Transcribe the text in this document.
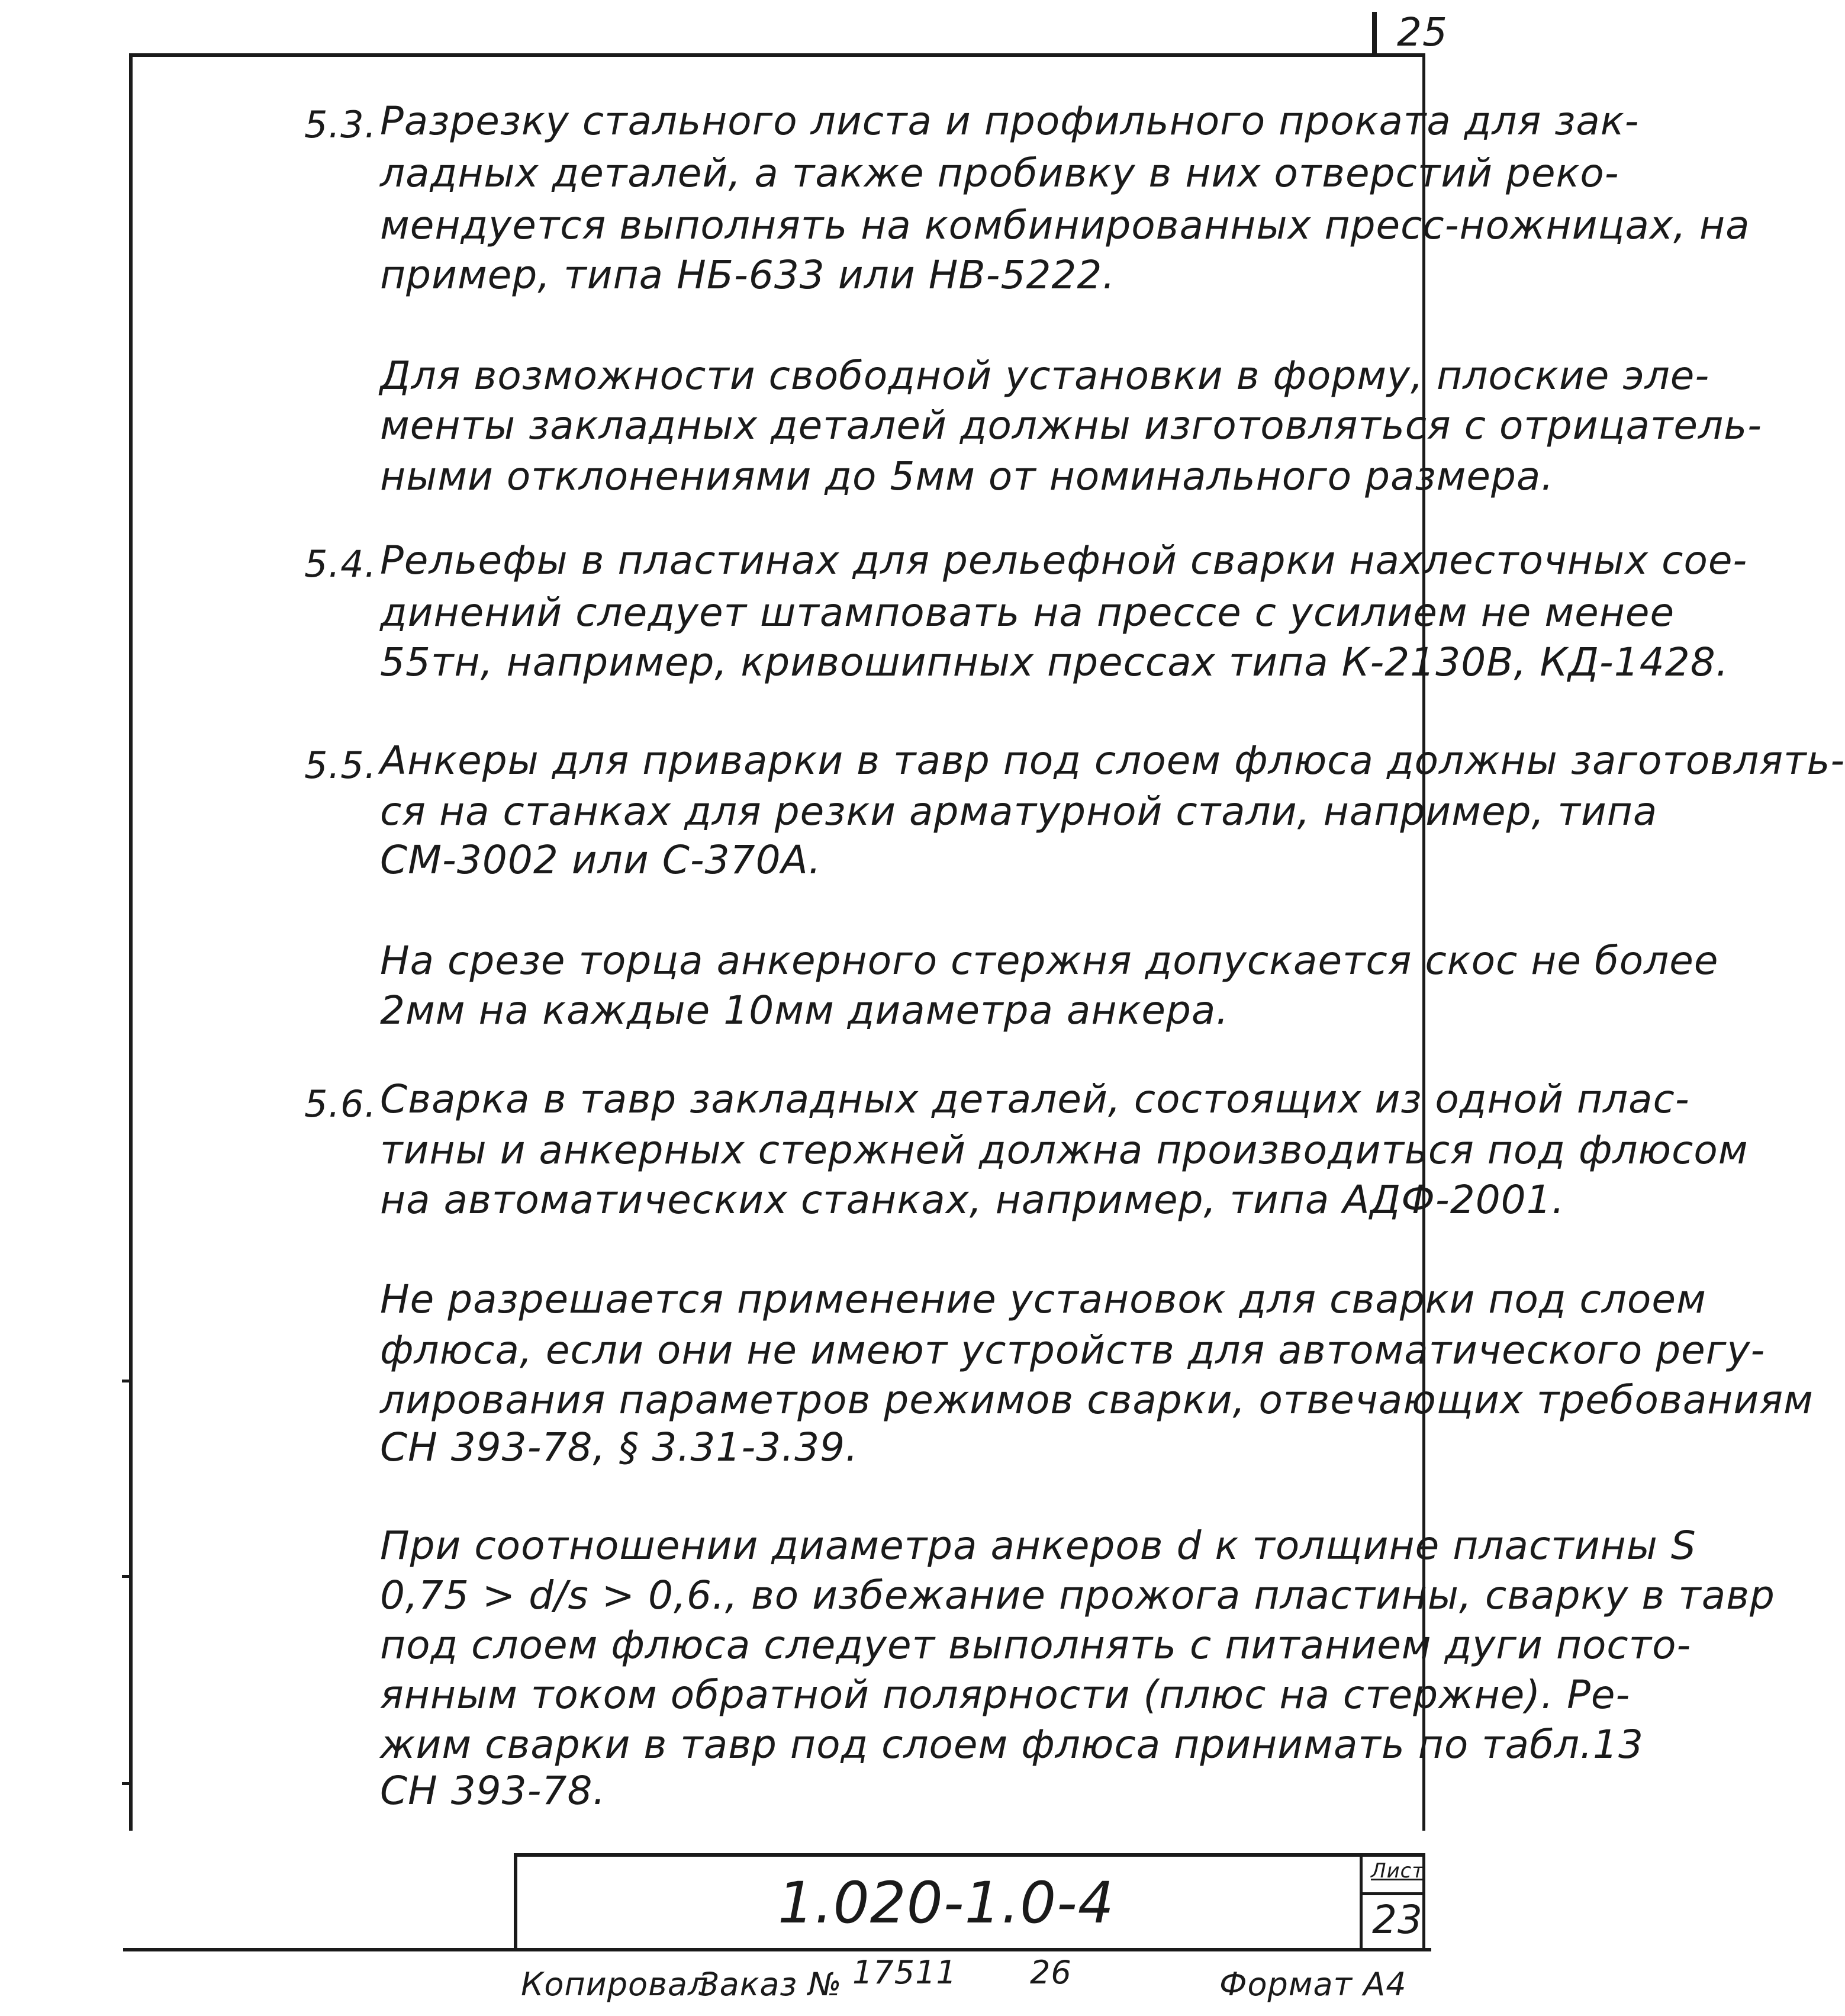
25
5.3. Разрезку стального листа и профильного проката для зак-
ладных деталей, а также пробивку в них отверстий реко-
мендуется выполнять на комбинированных пресс-ножницах, на
пример, типа НБ-633 или НВ-5222.
Для возможности свободной установки в форму, плоские эле-
менты закладных деталей должны изготовляться с отрицатель-
ными отклонениями до 5мм от номинального размера.
5.4. Рельефы в пластинах для рельефной сварки нахлесточных сое-
динений следует штамповать на прессе с усилием не менее
55тн, например, кривошипных прессах типа К-2130В, КД-1428.
5.5. Анкеры для приварки в тавр под слоем флюса должны заготовлять-
ся на станках для резки арматурной стали, например, типа
СМ-3002 или С-370А.
На срезе торца анкерного стержня допускается скос не более
2мм на каждые 10мм диаметра анкера.
5.6. Сварка в тавр закладных деталей, состоящих из одной плас-
тины и анкерных стержней должна производиться под флюсом
на автоматических станках, например, типа АДФ-2001.
Не разрешается применение установок для сварки под слоем
флюса, если они не имеют устройств для автоматического регу-
лирования параметров режимов сварки, отвечающих требованиям
СН 393-78, § 3.31-3.39.
При соотношении диаметра анкеров d к толщине пластины S
0,75 > d/s > 0,6., во избежание прожога пластины, сварку в тавр
под слоем флюса следует выполнять с питанием дуги посто-
янным током обратной полярности (плюс на стержне). Ре-
жим сварки в тавр под слоем флюса принимать по табл.13
СН 393-78.
1.020-1.0-4	Лист
23
Копировал
Заказ № 17511 26	Формат А4
